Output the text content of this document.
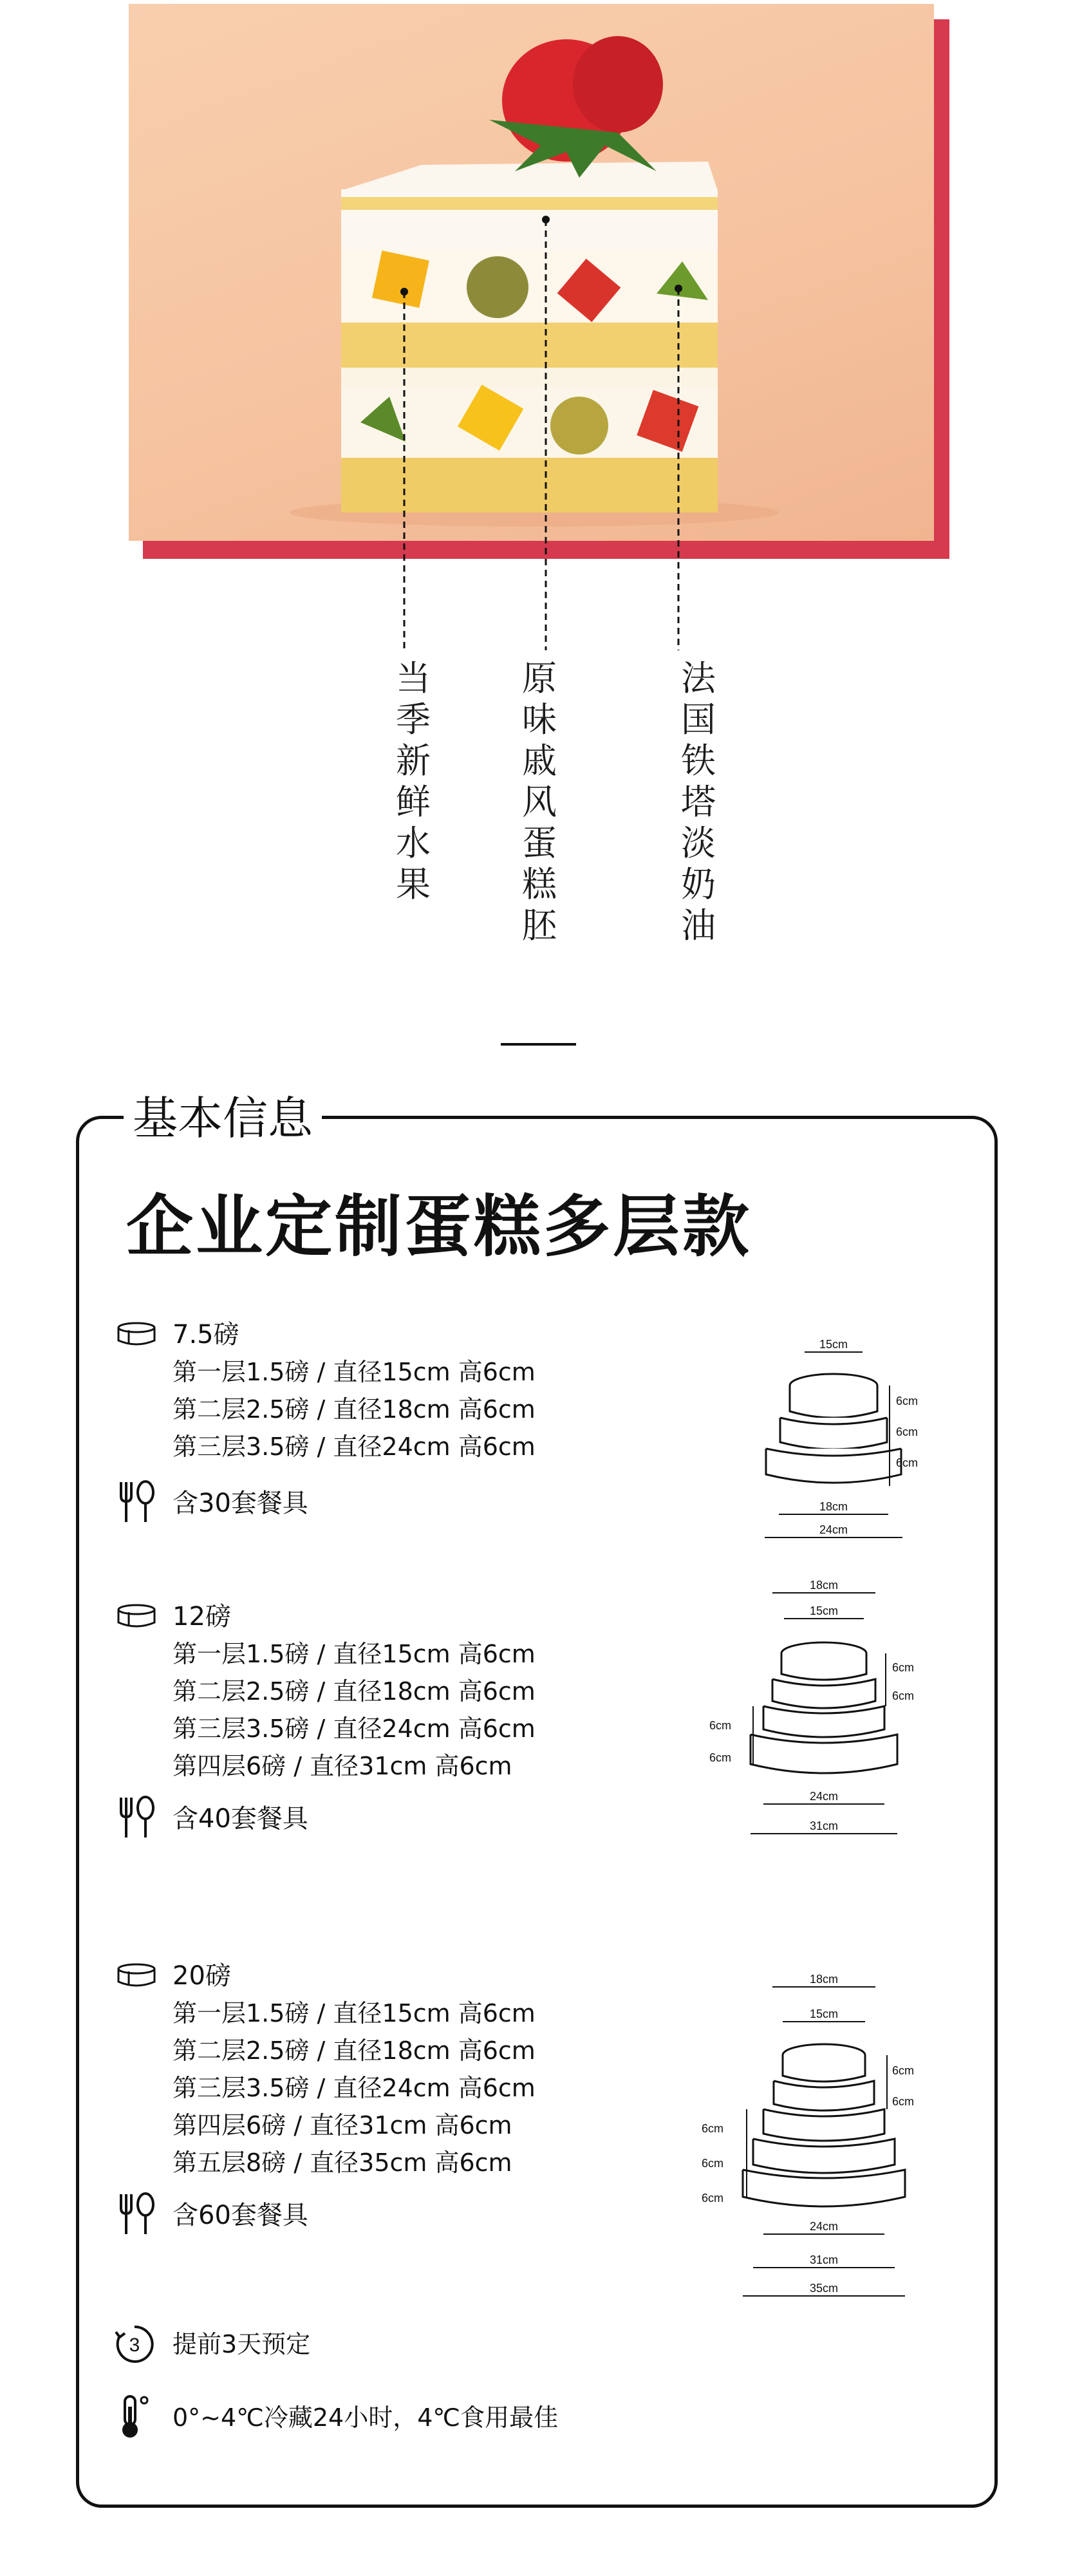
当季新鲜水果
原味戚风蛋糕胚
法国铁塔淡奶油
基本信息
企业定制蛋糕多层款
7.5磅
第一层1.5磅 / 直径15cm 高6cm
第二层2.5磅 / 直径18cm 高6cm
第三层3.5磅 / 直径24cm 高6cm
含30套餐具
15cm
6cm
6cm
6cm
18cm
24cm
12磅
第一层1.5磅 / 直径15cm 高6cm
第二层2.5磅 / 直径18cm 高6cm
第三层3.5磅 / 直径24cm 高6cm
第四层6磅 / 直径31cm 高6cm
含40套餐具
18cm
15cm
6cm
6cm
6cm
6cm
24cm
31cm
20磅
第一层1.5磅 / 直径15cm 高6cm
第二层2.5磅 / 直径18cm 高6cm
第三层3.5磅 / 直径24cm 高6cm
第四层6磅 / 直径31cm 高6cm
第五层8磅 / 直径35cm 高6cm
含60套餐具
18cm
15cm
6cm
6cm
6cm
6cm
6cm
24cm
31cm
35cm
3 提前3天预定
0°~4℃冷藏24小时，4℃食用最佳
